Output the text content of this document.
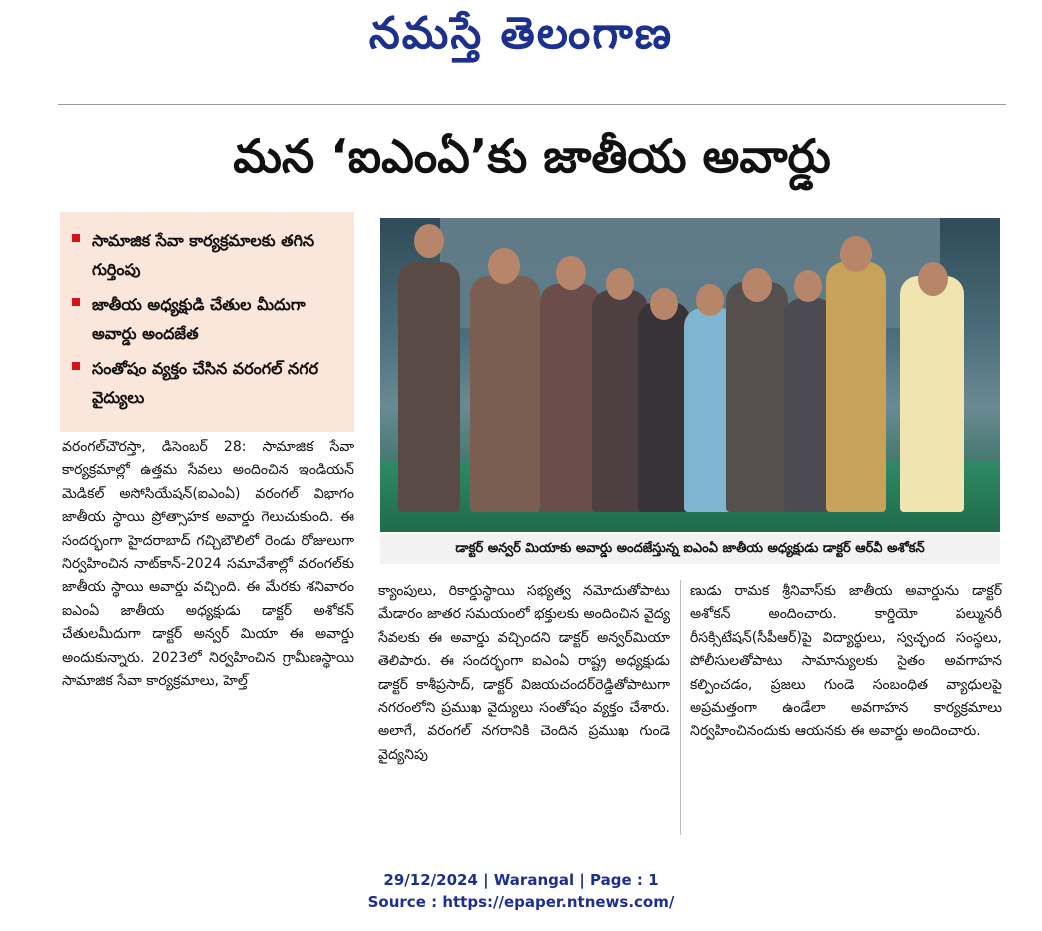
నమస్తే తెలంగాణ
మన ‘ఐఎంఏ’కు జాతీయ అవార్డు
సామాజిక సేవా కార్యక్రమాలకు తగిన గుర్తింపు
జాతీయ అధ్యక్షుడి చేతుల మీదుగా అవార్డు అందజేత
సంతోషం వ్యక్తం చేసిన వరంగల్ నగర వైద్యులు
డాక్టర్ అన్వర్ మియాకు అవార్డు అందజేస్తున్న ఐఎంఏ జాతీయ అధ్యక్షుడు డాక్టర్ ఆర్‌వీ అశోకన్

వరంగల్‌చౌరస్తా, డిసెంబర్ 28: సామాజిక సేవా కార్యక్రమాల్లో ఉత్తమ సేవలు అందించిన ఇండియన్ మెడికల్ అసోసియేషన్(ఐఎంఏ) వరంగల్ విభాగం జాతీయ స్థాయి ప్రోత్సాహక అవార్డు గెలుచుకుంది. ఈ సందర్భంగా హైదరాబాద్ గచ్చిబౌలిలో రెండు రోజులుగా నిర్వహించిన నాట్‌కాన్-2024 సమావేశాల్లో వరంగల్‌కు జాతీయ స్థాయి అవార్డు వచ్చింది. ఈ మేరకు శనివారం ఐఎంఏ జాతీయ అధ్యక్షుడు డాక్టర్ అశోకన్ చేతులమీదుగా డాక్టర్ అన్వర్ మియా ఈ అవార్డు అందుకున్నారు. 2023లో నిర్వహించిన గ్రామీణస్థాయి సామాజిక సేవా కార్యక్రమాలు, హెల్త్

క్యాంపులు, రికార్డుస్థాయి సభ్యత్వ నమోదుతోపాటు మేడారం జాతర సమయంలో భక్తులకు అందించిన వైద్య సేవలకు ఈ అవార్డు వచ్చిందని డాక్టర్ అన్వర్‌మియా తెలిపారు. ఈ సందర్భంగా ఐఎంఏ రాష్ట్ర అధ్యక్షుడు డాక్టర్ కాశీప్రసాద్, డాక్టర్ విజయచందర్‌రెడ్డితోపాటుగా నగరంలోని ప్రముఖ వైద్యులు సంతోషం వ్యక్తం చేశారు. అలాగే, వరంగల్ నగరానికి చెందిన ప్రముఖ గుండె వైద్యనిపు

ణుడు రామక శ్రీనివాస్‌కు జాతీయ అవార్డును డాక్టర్ అశోకన్ అందించారు. కార్డియో పల్మునరీ రీసక్సిటేషన్(సీపీఆర్)పై విద్యార్థులు, స్వచ్ఛంద సంస్థలు, పోలీసులతోపాటు సామాన్యులకు సైతం అవగాహన కల్పించడం, ప్రజలు గుండె సంబంధిత వ్యాధులపై అప్రమత్తంగా ఉండేలా అవగాహన కార్యక్రమాలు నిర్వహించినందుకు ఆయనకు ఈ అవార్డు అందించారు.

29/12/2024 | Warangal | Page : 1
Source : https://epaper.ntnews.com/
